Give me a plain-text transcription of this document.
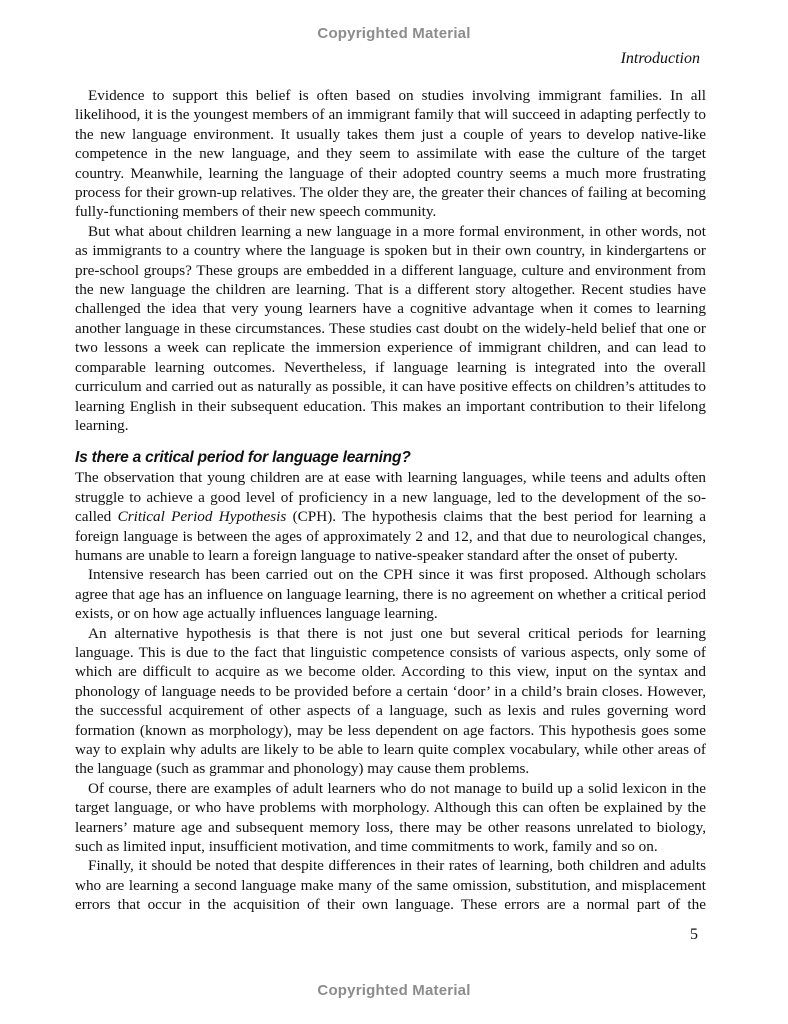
Copyrighted Material
Introduction

Evidence to support this belief is often based on studies involving immigrant families. In all likelihood, it is the youngest members of an immigrant family that will succeed in adapting perfectly to the new language environment. It usually takes them just a couple of years to develop native-like competence in the new language, and they seem to assimilate with ease the culture of the target country. Meanwhile, learning the language of their adopted country seems a much more frustrating process for their grown-up relatives. The older they are, the greater their chances of failing at becoming fully-functioning members of their new speech community.

But what about children learning a new language in a more formal environment, in other words, not as immigrants to a country where the language is spoken but in their own country, in kindergartens or pre-school groups? These groups are embedded in a different language, culture and environment from the new language the children are learning. That is a different story altogether. Recent studies have challenged the idea that very young learners have a cognitive advantage when it comes to learning another language in these circumstances. These studies cast doubt on the widely-held belief that one or two lessons a week can replicate the immersion experience of immigrant children, and can lead to comparable learning outcomes. Nevertheless, if language learning is integrated into the overall curriculum and carried out as naturally as possible, it can have positive effects on children’s attitudes to learning English in their subsequent education. This makes an important contribution to their lifelong learning.

Is there a critical period for language learning?

The observation that young children are at ease with learning languages, while teens and adults often struggle to achieve a good level of proficiency in a new language, led to the development of the so-called Critical Period Hypothesis (CPH). The hypothesis claims that the best period for learning a foreign language is between the ages of approximately 2 and 12, and that due to neurological changes, humans are unable to learn a foreign language to native-speaker standard after the onset of puberty.

Intensive research has been carried out on the CPH since it was first proposed. Although scholars agree that age has an influence on language learning, there is no agreement on whether a critical period exists, or on how age actually influences language learning.

An alternative hypothesis is that there is not just one but several critical periods for learning language. This is due to the fact that linguistic competence consists of various aspects, only some of which are difficult to acquire as we become older. According to this view, input on the syntax and phonology of language needs to be provided before a certain ‘door’ in a child’s brain closes. However, the successful acquirement of other aspects of a language, such as lexis and rules governing word formation (known as morphology), may be less dependent on age factors. This hypothesis goes some way to explain why adults are likely to be able to learn quite complex vocabulary, while other areas of the language (such as grammar and phonology) may cause them problems.

Of course, there are examples of adult learners who do not manage to build up a solid lexicon in the target language, or who have problems with morphology. Although this can often be explained by the learners’ mature age and subsequent memory loss, there may be other reasons unrelated to biology, such as limited input, insufficient motivation, and time commitments to work, family and so on.

Finally, it should be noted that despite differences in their rates of learning, both children and adults who are learning a second language make many of the same omission, substitution, and misplacement errors that occur in the acquisition of their own language. These errors are a normal part of the

5
Copyrighted Material
